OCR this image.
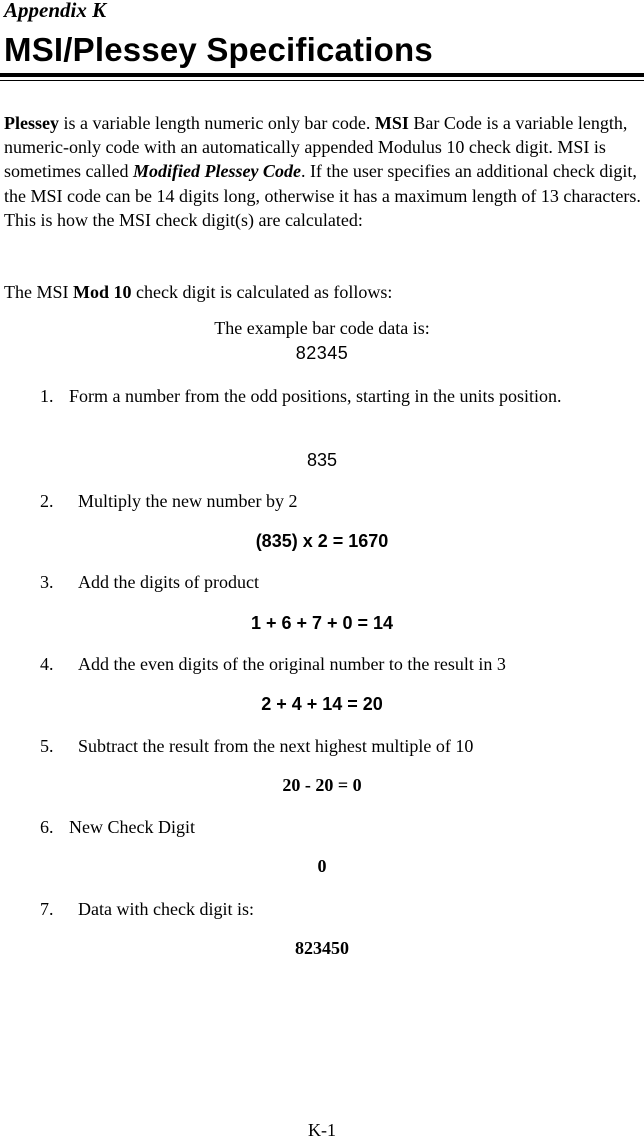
Appendix K
MSI/Plessey Specifications
Plessey is a variable length numeric only bar code. MSI Bar Code is a variable length, numeric-only code with an automatically appended Modulus 10 check digit. MSI is sometimes called Modified Plessey Code. If the user specifies an additional check digit, the MSI code can be 14 digits long, otherwise it has a maximum length of 13 characters. This is how the MSI check digit(s) are calculated:
The MSI Mod 10 check digit is calculated as follows:
The example bar code data is:
82345
1. Form a number from the odd positions, starting in the units position.
835
2. Multiply the new number by 2
(835) x 2 = 1670
3. Add the digits of product
1 + 6 + 7 + 0 = 14
4. Add the even digits of the original number to the result in 3
2 + 4 + 14 = 20
5. Subtract the result from the next highest multiple of 10
20 - 20 = 0
6. New Check Digit
0
7. Data with check digit is:
823450
K-1
